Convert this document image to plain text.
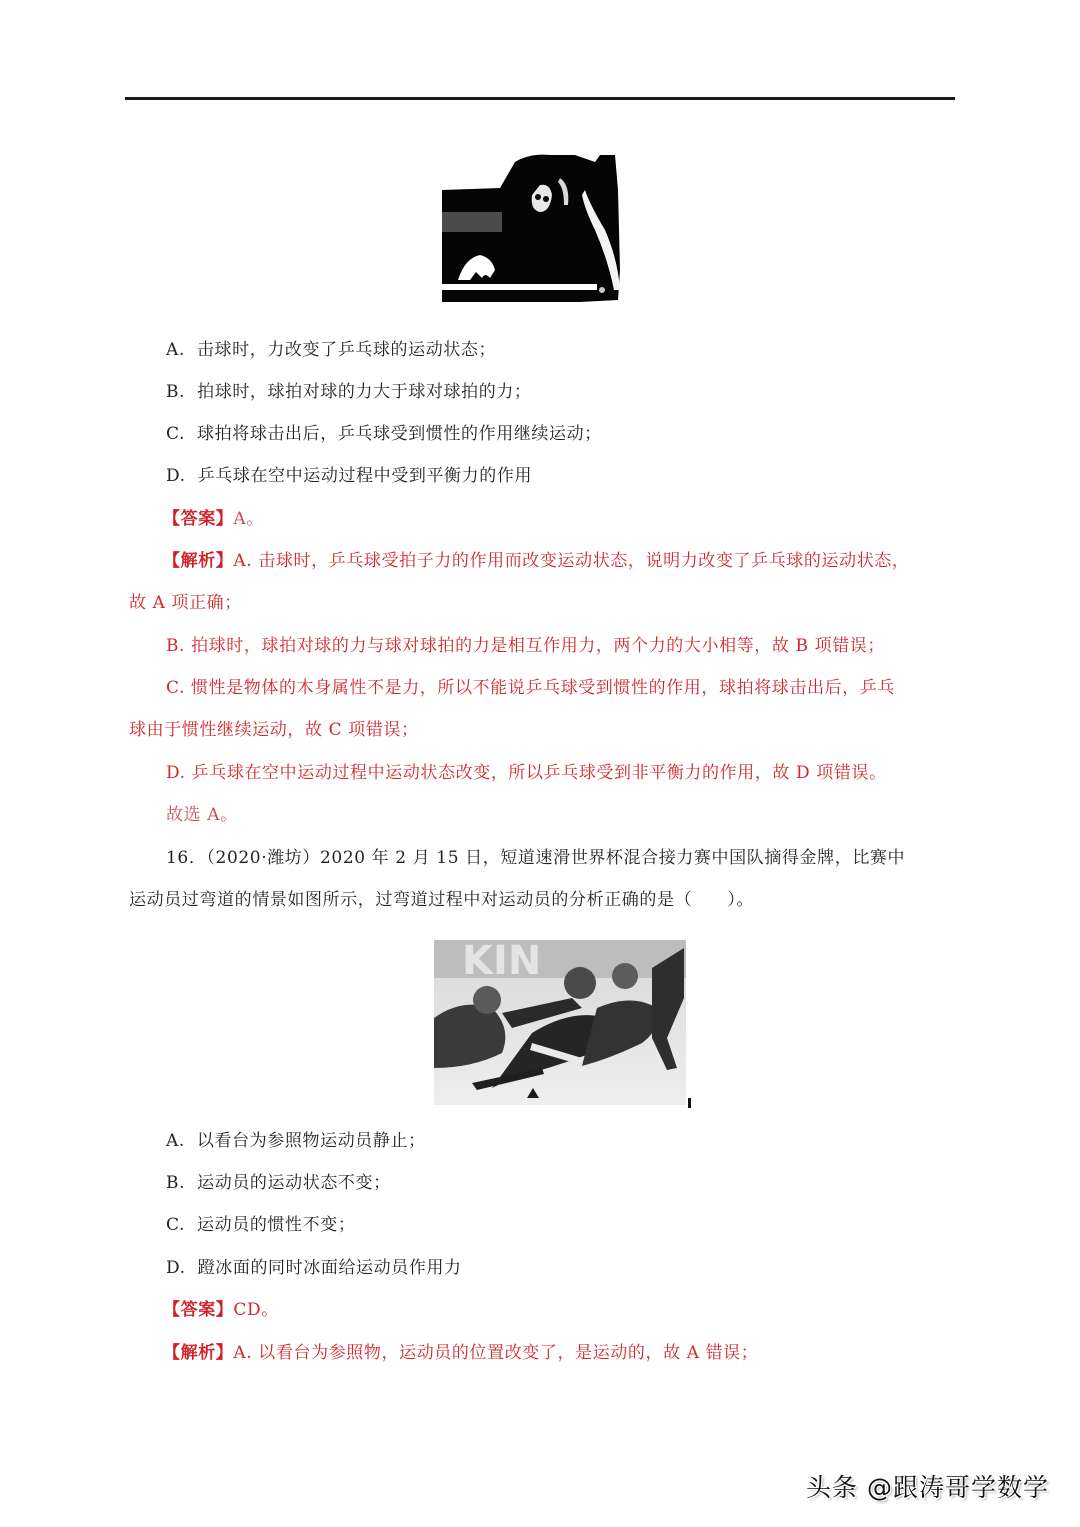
A. 击球时，力改变了乒乓球的运动状态；
B. 拍球时，球拍对球的力大于球对球拍的力；
C. 球拍将球击出后，乒乓球受到惯性的作用继续运动；
D. 乒乓球在空中运动过程中受到平衡力的作用
【答案】A。
【解析】A. 击球时，乒乓球受拍子力的作用而改变运动状态，说明力改变了乒乓球的运动状态，
故 A 项正确；
B. 拍球时，球拍对球的力与球对球拍的力是相互作用力，两个力的大小相等，故 B 项错误；
C. 惯性是物体的木身属性不是力，所以不能说乒乓球受到惯性的作用，球拍将球击出后，乒乓
球由于惯性继续运动，故 C 项错误；
D. 乒乓球在空中运动过程中运动状态改变，所以乒乓球受到非平衡力的作用，故 D 项错误。
故选 A。
16．（2020·潍坊）2020 年 2 月 15 日，短道速滑世界杯混合接力赛中国队摘得金牌，比赛中
运动员过弯道的情景如图所示，过弯道过程中对运动员的分析正确的是（　　）。
KIN
A. 以看台为参照物运动员静止；
B. 运动员的运动状态不变；
C. 运动员的惯性不变；
D. 蹬冰面的同时冰面给运动员作用力
【答案】CD。
【解析】A. 以看台为参照物，运动员的位置改变了，是运动的，故 A 错误；
头条 @跟涛哥学数学
